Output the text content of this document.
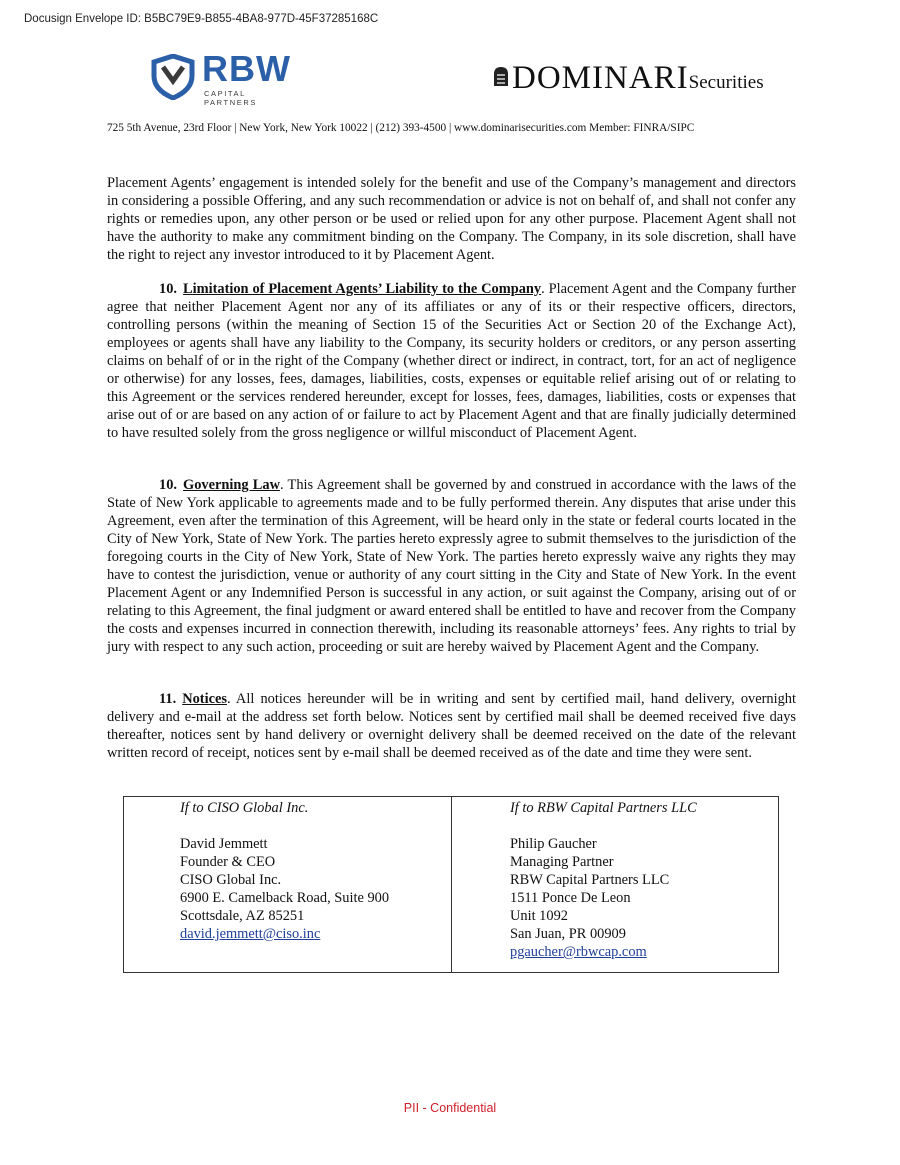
Docusign Envelope ID: B5BC79E9-B855-4BA8-977D-45F37285168C
RBW
CAPITAL PARTNERS
DOMINARISecurities
725 5th Avenue, 23rd Floor | New York, New York 10022 | (212) 393-4500 | www.dominarisecurities.com Member: FINRA/SIPC

Placement Agents’ engagement is intended solely for the benefit and use of the Company’s management and directors in considering a possible Offering, and any such recommendation or advice is not on behalf of, and shall not confer any rights or remedies upon, any other person or be used or relied upon for any other purpose. Placement Agent shall not have the authority to make any commitment binding on the Company. The Company, in its sole discretion, shall have the right to reject any investor introduced to it by Placement Agent.

10. Limitation of Placement Agents’ Liability to the Company. Placement Agent and the Company further agree that neither Placement Agent nor any of its affiliates or any of its or their respective officers, directors, controlling persons (within the meaning of Section 15 of the Securities Act or Section 20 of the Exchange Act), employees or agents shall have any liability to the Company, its security holders or creditors, or any person asserting claims on behalf of or in the right of the Company (whether direct or indirect, in contract, tort, for an act of negligence or otherwise) for any losses, fees, damages, liabilities, costs, expenses or equitable relief arising out of or relating to this Agreement or the services rendered hereunder, except for losses, fees, damages, liabilities, costs or expenses that arise out of or are based on any action of or failure to act by Placement Agent and that are finally judicially determined to have resulted solely from the gross negligence or willful misconduct of Placement Agent.

10. Governing Law. This Agreement shall be governed by and construed in accordance with the laws of the State of New York applicable to agreements made and to be fully performed therein. Any disputes that arise under this Agreement, even after the termination of this Agreement, will be heard only in the state or federal courts located in the City of New York, State of New York. The parties hereto expressly agree to submit themselves to the jurisdiction of the foregoing courts in the City of New York, State of New York. The parties hereto expressly waive any rights they may have to contest the jurisdiction, venue or authority of any court sitting in the City and State of New York. In the event Placement Agent or any Indemnified Person is successful in any action, or suit against the Company, arising out of or relating to this Agreement, the final judgment or award entered shall be entitled to have and recover from the Company the costs and expenses incurred in connection therewith, including its reasonable attorneys’ fees. Any rights to trial by jury with respect to any such action, proceeding or suit are hereby waived by Placement Agent and the Company.

11. Notices. All notices hereunder will be in writing and sent by certified mail, hand delivery, overnight delivery and e-mail at the address set forth below. Notices sent by certified mail shall be deemed received five days thereafter, notices sent by hand delivery or overnight delivery shall be deemed received on the date of the relevant written record of receipt, notices sent by e-mail shall be deemed received as of the date and time they were sent.

If to CISO Global Inc.
David Jemmett
Founder & CEO
CISO Global Inc.
6900 E. Camelback Road, Suite 900
Scottsdale, AZ 85251
david.jemmett@ciso.inc
If to RBW Capital Partners LLC
Philip Gaucher
Managing Partner
RBW Capital Partners LLC
1511 Ponce De Leon
Unit 1092
San Juan, PR 00909
pgaucher@rbwcap.com
PII - Confidential
